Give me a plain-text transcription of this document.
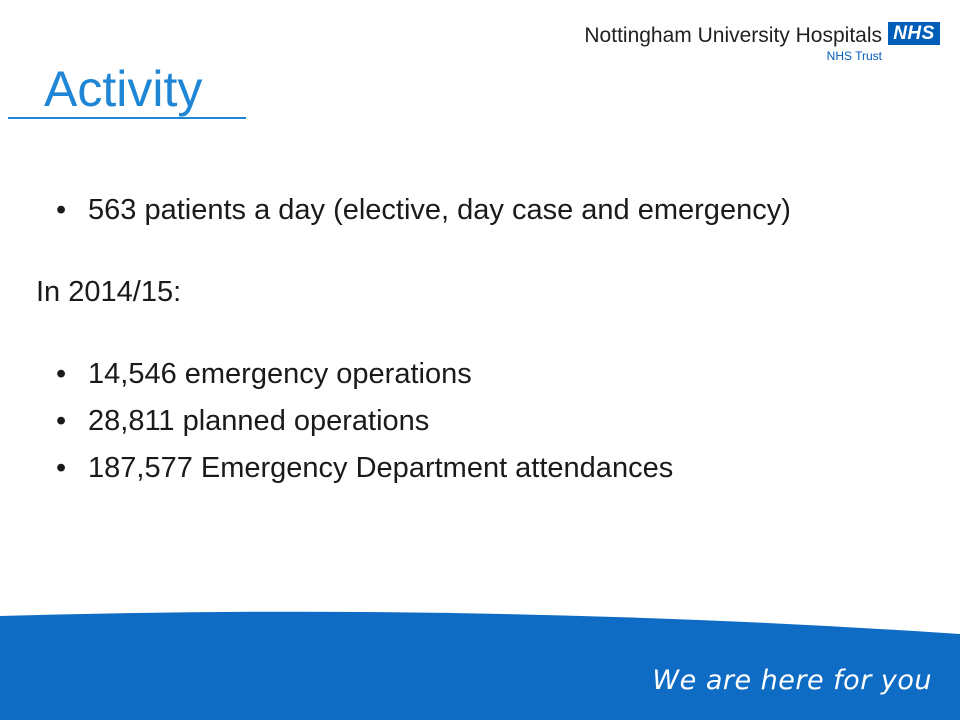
Nottingham University Hospitals NHS
NHS Trust
Activity
• 563 patients a day (elective, day case and emergency)
In 2014/15:
• 14,546 emergency operations
• 28,811 planned operations
• 187,577 Emergency Department attendances
We are here for you
